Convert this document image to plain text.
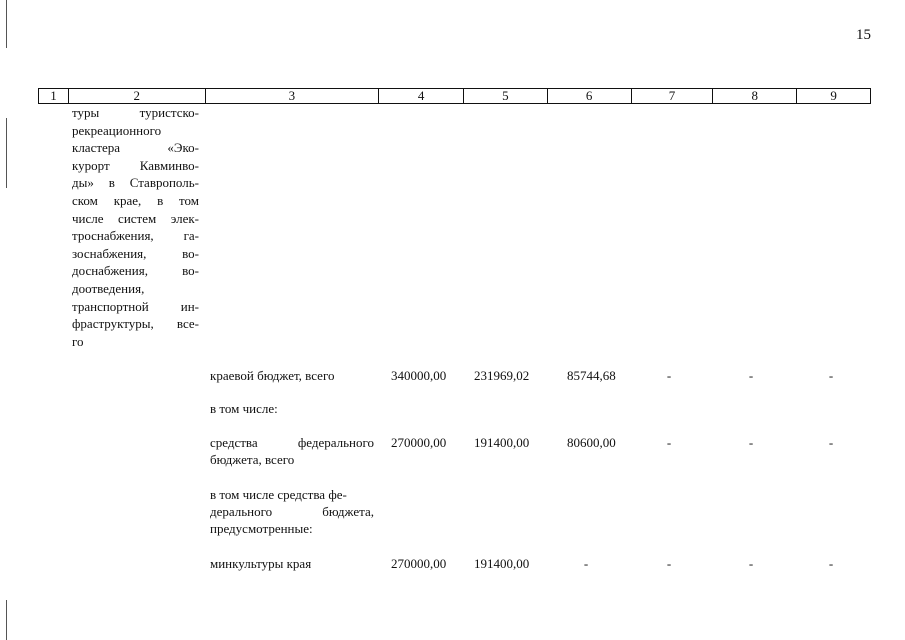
15
1	2	3	4	5	6	7	8	9
туры	туристско-
рекреационного
кластера	«Эко-
курорт Кавминво-
ды» в Ставрополь-
ском крае, в том
числе систем элек-
троснабжения, га-
зоснабжения,	во-
доснабжения,	во-
доотведения,
транспортной ин-
фраструктуры, все-
го
краевой бюджет, всего	340000,00 231969,02	85744,68	-	-	-
в том числе:
средства	федерального
бюджета, всего
270000,00 191400,00	80600,00	-	-	-
в том числе средства фе-
дерального	бюджета,
предусмотренные:
минкультуры края	270000,00 191400,00	-	-	-	-
